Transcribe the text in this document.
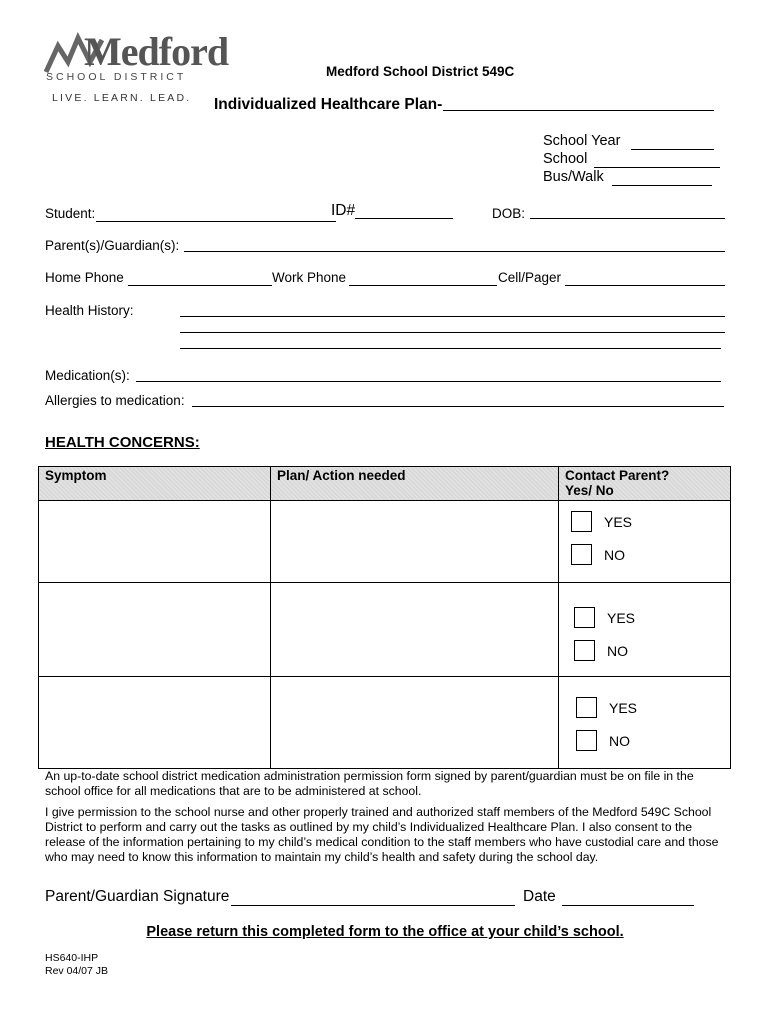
Medford
SCHOOL DISTRICT
LIVE. LEARN. LEAD.
Medford School District 549C
Individualized Healthcare Plan-
School Year
School
Bus/Walk
Student:	ID#	DOB:
Parent(s)/Guardian(s):
Home Phone	Work Phone	Cell/Pager
Health History:
Medication(s):
Allergies to medication:
HEALTH CONCERNS:
Symptom	Plan/ Action needed	Contact Parent?
Yes/ No

		YES
NO

		YES
NO

		YES
NO
An up-to-date school district medication administration permission form signed by parent/guardian must be on file in the school office for all medications that are to be administered at school.
I give permission to the school nurse and other properly trained and authorized staff members of the Medford 549C School District to perform and carry out the tasks as outlined by my child’s Individualized Healthcare Plan. I also consent to the release of the information pertaining to my child’s medical condition to the staff members who have custodial care and those who may need to know this information to maintain my child’s health and safety during the school day.
Parent/Guardian Signature	Date
Please return this completed form to the office at your child’s school.
HS640-IHP
Rev 04/07 JB
